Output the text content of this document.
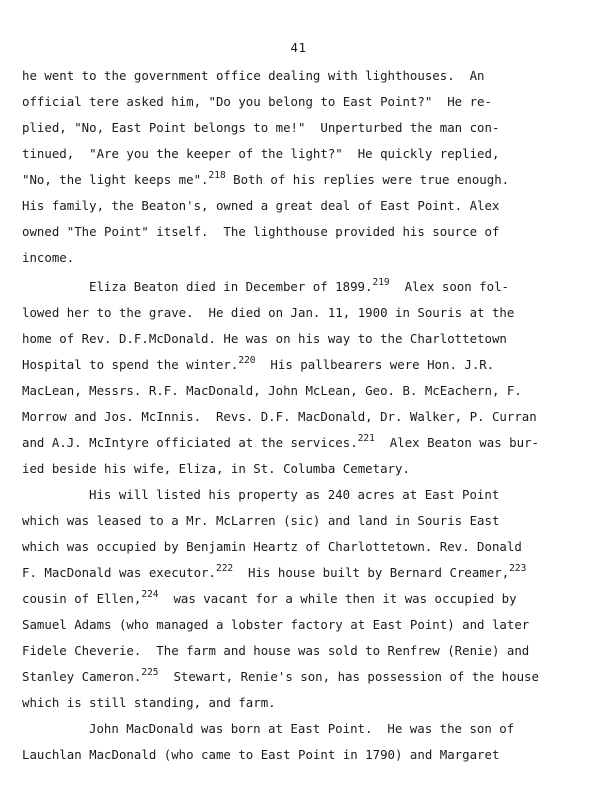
41
he went to the government office dealing with lighthouses.  An
official tere asked him, "Do you belong to East Point?"  He re-
plied, "No, East Point belongs to me!"  Unperturbed the man con-
tinued,  "Are you the keeper of the light?"  He quickly replied,
"No, the light keeps me".$^{218}$ Both of his replies were true enough.
His family, the Beaton's, owned a great deal of East Point. Alex
owned "The Point" itself.  The lighthouse provided his source of
income.
Eliza Beaton died in December of 1899.$^{219}$  Alex soon fol-
lowed her to the grave.  He died on Jan. 11, 1900 in Souris at the
home of Rev. D.F.McDonald. He was on his way to the Charlottetown
Hospital to spend the winter.$^{220}$  His pallbearers were Hon. J.R.
MacLean, Messrs. R.F. MacDonald, John McLean, Geo. B. McEachern, F.
Morrow and Jos. McInnis.  Revs. D.F. MacDonald, Dr. Walker, P. Curran
and A.J. McIntyre officiated at the services.$^{221}$  Alex Beaton was bur-
ied beside his wife, Eliza, in St. Columba Cemetary.
His will listed his property as 240 acres at East Point
which was leased to a Mr. McLarren (sic) and land in Souris East
which was occupied by Benjamin Heartz of Charlottetown. Rev. Donald
F. MacDonald was executor.$^{222}$  His house built by Bernard Creamer,$^{223}$
cousin of Ellen,$^{224}$  was vacant for a while then it was occupied by
Samuel Adams (who managed a lobster factory at East Point) and later
Fidele Cheverie.  The farm and house was sold to Renfrew (Renie) and
Stanley Cameron.$^{225}$  Stewart, Renie's son, has possession of the house
which is still standing, and farm.
John MacDonald was born at East Point.  He was the son of
Lauchlan MacDonald (who came to East Point in 1790) and Margaret
